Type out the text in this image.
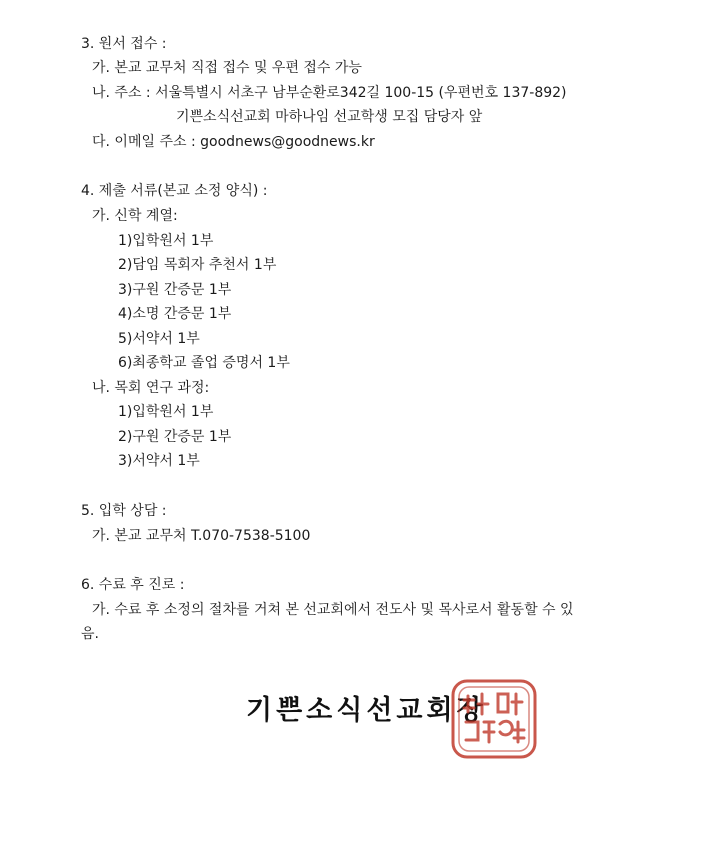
3. 원서 접수 :
가. 본교 교무처 직접 접수 및 우편 접수 가능
나. 주소 : 서울특별시 서초구 남부순환로342길 100-15 (우편번호 137-892)
기쁜소식선교회 마하나임 선교학생 모집 담당자 앞
다. 이메일 주소 : goodnews@goodnews.kr
4. 제출 서류(본교 소정 양식) :
가. 신학 계열:
1)입학원서 1부
2)담임 목회자 추천서 1부
3)구원 간증문 1부
4)소명 간증문 1부
5)서약서 1부
6)최종학교 졸업 증명서 1부
나. 목회 연구 과정:
1)입학원서 1부
2)구원 간증문 1부
3)서약서 1부
5. 입학 상담 :
가. 본교 교무처 T.070-7538-5100
6. 수료 후 진로 :
가. 수료 후 소정의 절차를 거쳐 본 선교회에서 전도사 및 목사로서 활동할 수 있
음.
기쁜소식선교회장
